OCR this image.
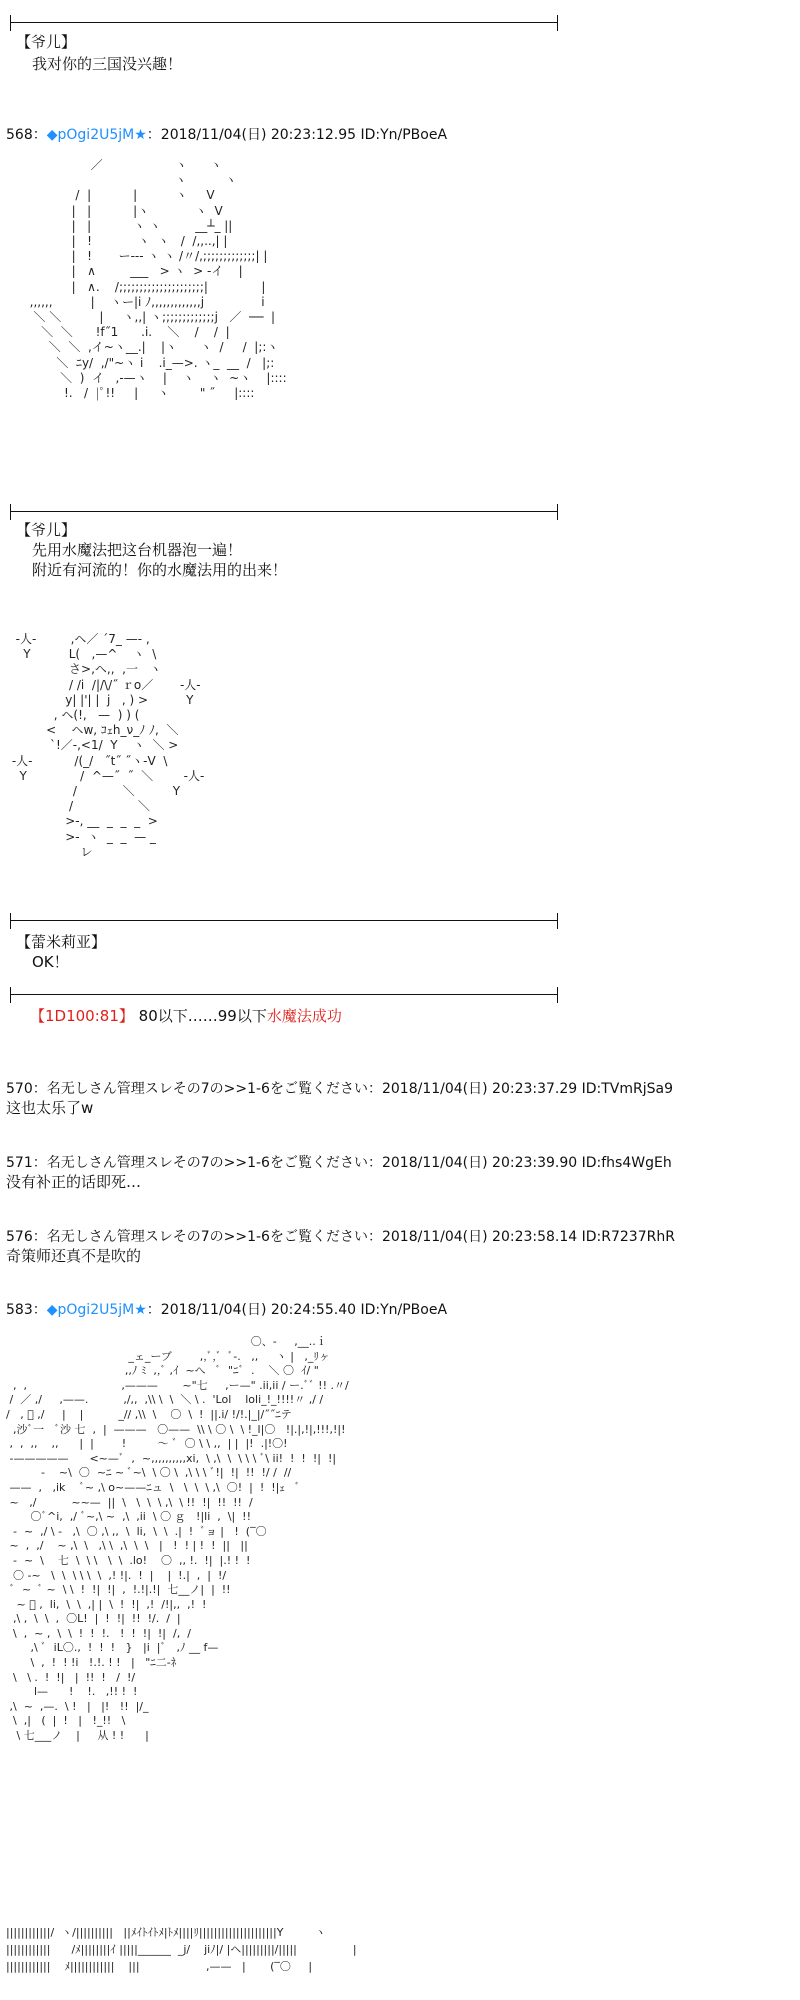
【爷儿】
我对你的三国没兴趣！
568：◆pOgi2U5jM★：2018/11/04(日) 20:23:12.95 ID:Yn/PBoeA
／                   ヽ      ヽ
ヽ          ヽ
/  |           |          ヽ     V
|   |           |ヽ            ヽ  V
|   |           ヽ ヽ         __┴_ ||
|   !            ヽ  ヽ   /  /,,..,| |
|   !       ー-‐- ヽ ヽ /〃/,;;;;;;;;;;;;;| |
|   ∧         ___   > ヽ  > -イ    |
|   ∧.    /;;;;;;;;;;;;;;;;;;;;;|              |
,,,,,,          |    ヽー|i ﾉ,,,,,,,,,,,,,j               i
＼ ＼          |     ヽ,,| ヽ;;;;;;;;;;;;;j   ／  ──  |
＼  ＼      !f˝1      .i.    ＼    /    /  |
＼  ＼  ,イ~ヽ__.|    |ヽ      ヽ  /     /  |;:ヽ
＼  ﾆy/  ,/"~ヽ i    .i_—>. ヽ_  __  /   |;:
＼  )  イ   ,-—ヽ    |    ヽ    ヽ  ~ヽ    |::::
!.   /  |ﾟ!!     |     ヽ        " ˝     |::::
【爷儿】
先用水魔法把这台机器泡一遍！
附近有河流的！你的水魔法用的出来！
-人-         ,ヘ／ ˊ7_ —- ,
Y          L(   ,—^    ヽ  \
さ>,ヘ,,  ,一   ヽ
/ /i  /|/\/˝ ｒo／       -人-
y| |'| |  j   , ) >          Y
, ヘ(!,   —  ) ) (
<    ヘw, ｺｪh_ν_ﾉ ﾉ,  ＼
`!／-,<1/  Y    ヽ  ＼ >
-人-           /(_/   ˝t˝ ˝ヽ-V  \
Y              /  ^—˝  ˝  ＼        -人-
/            ＼          Y
/                 ＼
>-, __  _  _  _  >
>-  ヽ  _  _  — _
レ
【蕾米莉亚】
OK！
【1D100:81】 80以下……99以下水魔法成功
570：名无しさん管理スレその7の>>1-6をご覧ください：2018/11/04(日) 20:23:37.29 ID:TVmRjSa9
这也太乐了w
571：名无しさん管理スレその7の>>1-6をご覧ください：2018/11/04(日) 20:23:39.90 ID:fhs4WgEh
没有补正的话即死…
576：名无しさん管理スレその7の>>1-6をご覧ください：2018/11/04(日) 20:23:58.14 ID:R7237RhR
奇策师还真不是吹的
583：◆pOgi2U5jM★：2018/11/04(日) 20:24:55.40 ID:Yn/PBoeA
〇、-     ,__..ｉ
_ェ_ーブ        ,,ﾞ,ﾞ  ﾞ-.   ,,     ヽ |   ,_ﾘヶ
,,ﾉ ﾐ  ,,ﾞ ,ｲ  ~へ   ﾞ  "ﾆﾞ  .    ＼ 〇  ｲ/ "
,  ,                           ,———       ~"七     ,ー—" .ii,ii / ー.ﾞﾞ !! .〃/
/  ／ ,/     ,——.          ,/,,  ,\\ \  \  ＼ \ .  'Lol    loli_!_!!!!〃 ,/ /
/   , ﾞ ,/     |    |          _// ,\\  \    〇  \  !  ||.i/ !/!.|_|/˝˝ﾆテ
,沙ﾞ一   ﾞ沙 七  ,  |  ———   〇——  \\ \ 〇 \  \ !_l|〇   !|.|,!|,!!!,!|!
,  ,  ,,    ,,      |  |        !         ～ ﾞ  〇 \ \ ,,  | |  |!  .|!〇!
-—————      <~—ﾞ  ,  ~,,,,,,,,,,xi,  \ ,\  \  \ \ \ ﾞ\ ii!  !  !  !|  !|
-    ~\  〇  ~ﾆ ~ ﾞ~\  \ 〇 \  ,\ \ \ ﾞ!|  !|  !!  !/ /  //
——  ,   ,ik    ﾞ~ ,\ o~——ﾆュ  \   \  \  \ ,\  〇!  |  !  !|ｪ   ﾞ
~   ,/          ~~—  ||  \   \  \  \ ,\  \ !!  !|  !!  !!  /
〇ﾞ^i,  ,/ ﾞ~,\ ~  ,\  ,ii  \ 〇 ｇ   !|li  ,  \|  !!
-  ~  ,/ \ -   ,\  〇 ,\ ,,  \  li,  \  \  .|  !  ﾞョ |   !  (‾〇
~  ,  ,/    ~ ,\  \   ,\ \  ,\  \  \   |   !  ! | !  !  ||   ||
-  ~  \    七  \  \ \   \  \  .lo!    〇  ,, !.  !|  |.! !  !
〇 -~   \  \  \ \ \  \  ,! !|.  !  |    |  !.|  ,  |  !/
ﾞ  ~  ﾞ ~  \ \  !  !|  !|  ,  !.!|.!|  七__ノ|  |  !!
~ ﾞ ,  li,  \  \  ,| |  \  !  !|  ,!  /!|,,  ,!  !
,\ ,  \  \  ,  〇L!  |  !  !|  !!  !/.  /  |
\  ,  ~ ,  \  \  !  !  !.   !  !  !|  !|  /,  /
,\ ﾞ  iL〇.,  !  !  !   }   |i  |ﾞ   ,ﾉ __ f—
\  ,  !  ! !i   !.!. ! !   |   "ﾆ二-ﾈ
\   \ .  !  !|   |  !!  !   /  !/
l—      !    !.   ,!! !  !
,\  ~  ,—.  \ !   |   |!   !!  |/_
\  ,|   (  |  !   |   !_!!   \
\ 七___ノ    |     从 ! !      |
||||||||||||/  ヽ/||||||||||   ||ﾒｲﾄｲﾄﾒ|ﾄﾒ||||ﾘ|||||||||||||||||||||Y         ヽ
||||||||||||      /ﾒ||||||||ｲ |||||______  _j/    jiﾉ|/ |ヘ|||||||||/|||||                |
||||||||||||    ﾒ||||||||||||    |||                   ,——   |       (‾〇     |
